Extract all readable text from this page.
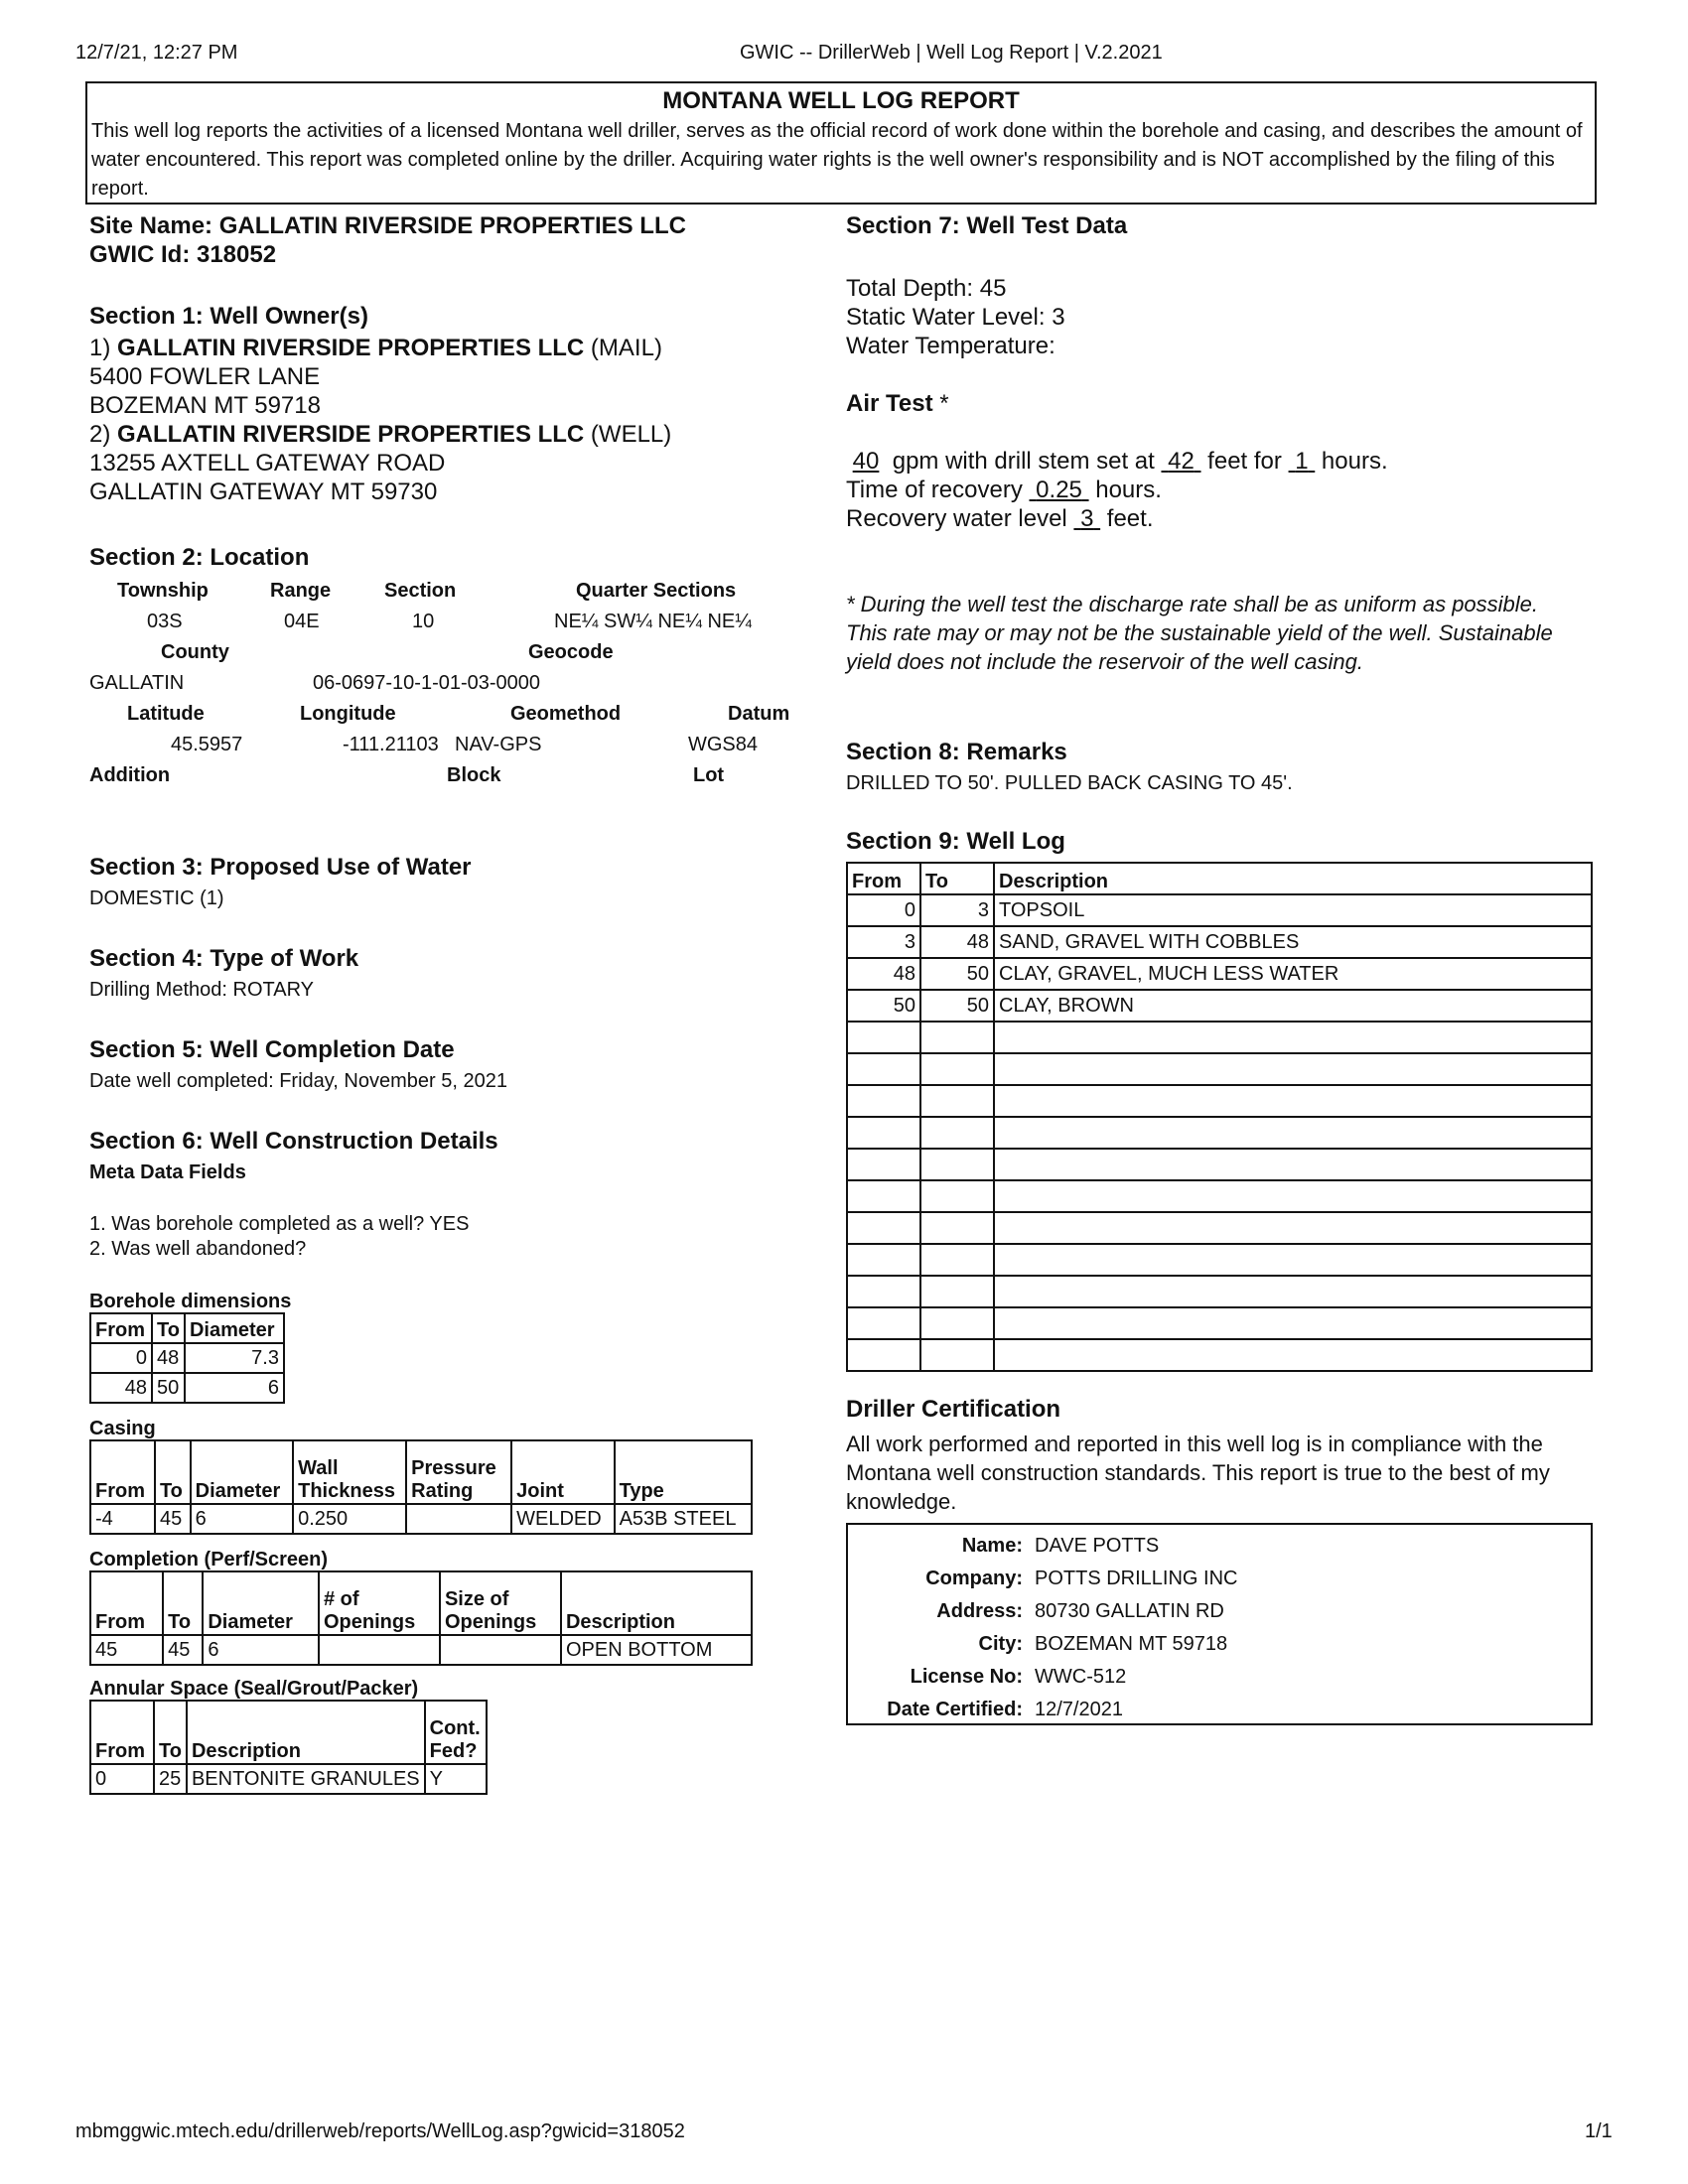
12/7/21, 12:27 PM	GWIC -- DrillerWeb | Well Log Report | V.2.2021
MONTANA WELL LOG REPORT
This well log reports the activities of a licensed Montana well driller, serves as the official record of work done within the borehole and casing, and describes the amount of water encountered. This report was completed online by the driller. Acquiring water rights is the well owner's responsibility and is NOT accomplished by the filing of this report.
Site Name: GALLATIN RIVERSIDE PROPERTIES LLC
GWIC Id: 318052
Section 1: Well Owner(s)
1) GALLATIN RIVERSIDE PROPERTIES LLC (MAIL)
5400 FOWLER LANE
BOZEMAN MT 59718
2) GALLATIN RIVERSIDE PROPERTIES LLC (WELL)
13255 AXTELL GATEWAY ROAD
GALLATIN GATEWAY MT 59730
Section 2: Location
Township	Range	Section	Quarter Sections
03S	04E	10	NE¼ SW¼ NE¼ NE¼
County	Geocode
GALLATIN	06-0697-10-1-01-03-0000
Latitude	Longitude	Geomethod	Datum
45.5957	-111.21103 NAV-GPS	WGS84
Addition	Block	Lot
Section 3: Proposed Use of Water
DOMESTIC (1)
Section 4: Type of Work
Drilling Method: ROTARY
Section 5: Well Completion Date
Date well completed: Friday, November 5, 2021
Section 6: Well Construction Details
Meta Data Fields
1. Was borehole completed as a well? YES
2. Was well abandoned?
Borehole dimensions
From	To	Diameter
0	48	7.3
48	50	6
Casing
From	To	Diameter	Wall Thickness	Pressure Rating	Joint	Type
-4	45	6	0.250		WELDED	A53B STEEL
Completion (Perf/Screen)
From	To	Diameter	# of Openings	Size of Openings	Description
45	45	6			OPEN BOTTOM
Annular Space (Seal/Grout/Packer)
From	To	Description	Cont. Fed?
0	25	BENTONITE GRANULES	Y
Section 7: Well Test Data
Total Depth: 45
Static Water Level: 3
Water Temperature:
Air Test *
40  gpm with drill stem set at  42  feet for  1  hours.
Time of recovery  0.25  hours.
Recovery water level  3  feet.
* During the well test the discharge rate shall be as uniform as possible. This rate may or may not be the sustainable yield of the well. Sustainable yield does not include the reservoir of the well casing.
Section 8: Remarks
DRILLED TO 50'. PULLED BACK CASING TO 45'.
Section 9: Well Log
From	To	Description
0	3	TOPSOIL
3	48	SAND, GRAVEL WITH COBBLES
48	50	CLAY, GRAVEL, MUCH LESS WATER
50	50	CLAY, BROWN

Driller Certification
All work performed and reported in this well log is in compliance with the Montana well construction standards. This report is true to the best of my knowledge.
Name: DAVE POTTS
Company: POTTS DRILLING INC
Address: 80730 GALLATIN RD
City: BOZEMAN MT 59718
License No: WWC-512
Date Certified: 12/7/2021
mbmggwic.mtech.edu/drillerweb/reports/WellLog.asp?gwicid=318052	1/1
